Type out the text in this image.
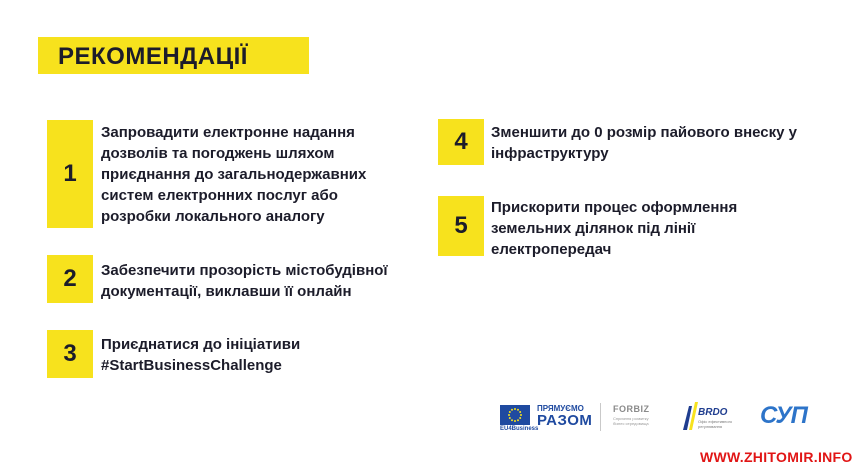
РЕКОМЕНДАЦІЇ
1
Запровадити електронне надання дозволів та погоджень шляхом приєднання до загальнодержавних систем електронних послуг або розробки локального аналогу
2 Забезпечити прозорість містобудівної документації, виклавши її онлайн
3 Приєднатися до ініціативи #StartBusinessChallenge
4 Зменшити до 0 розмір пайового внеску у інфраструктуру
5
Прискорити процес оформлення земельних ділянок під лінії електропередач
EU4Business
ПРЯМУЄМО
РАЗОМ
FORBIZ
Сприяння розвитку бізнес середовища
BRDO
Офіс ефективного регулювання	СУП
WWW.ZHITOMIR.INFO
